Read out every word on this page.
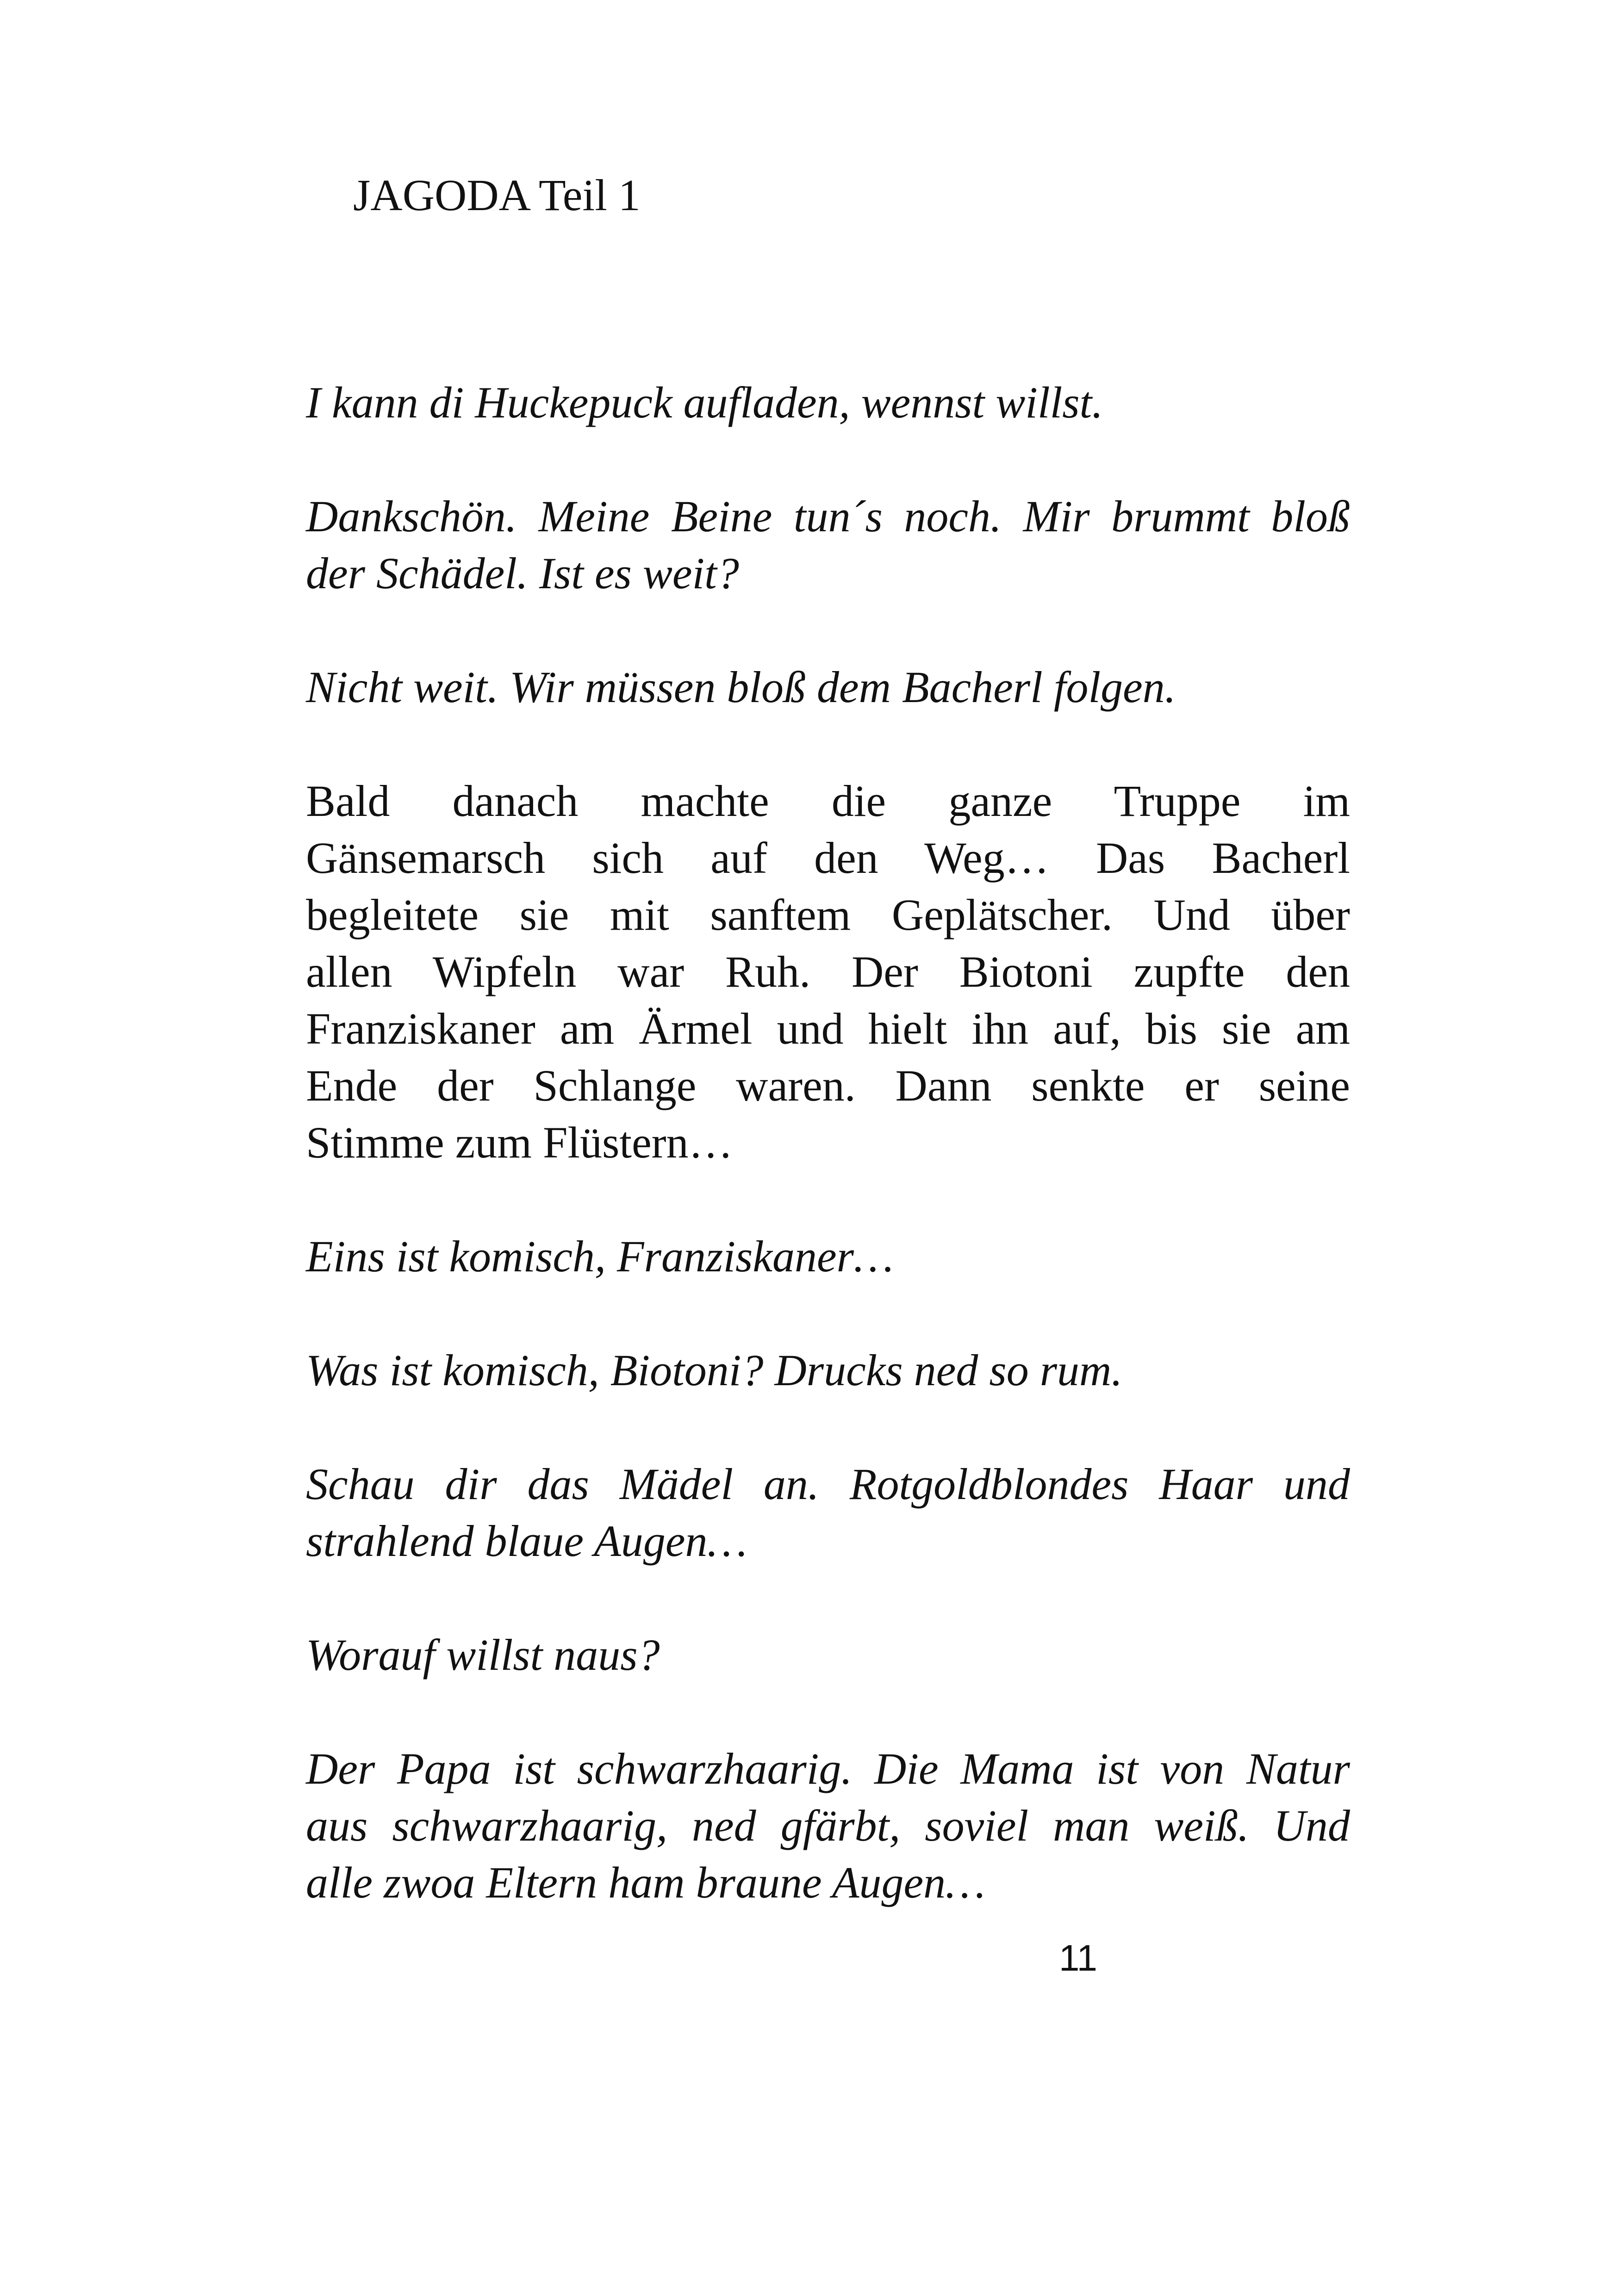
JAGODA Teil 1
I kann di Huckepuck aufladen, wennst willst.
Dankschön. Meine Beine tun´s noch. Mir brummt bloß
der Schädel. Ist es weit?
Nicht weit. Wir müssen bloß dem Bacherl folgen.
Bald danach machte die ganze Truppe im
Gänsemarsch sich auf den Weg… Das Bacherl
begleitete sie mit sanftem Geplätscher. Und über
allen Wipfeln war Ruh. Der Biotoni zupfte den
Franziskaner am Ärmel und hielt ihn auf, bis sie am
Ende der Schlange waren. Dann senkte er seine
Stimme zum Flüstern…
Eins ist komisch, Franziskaner…
Was ist komisch, Biotoni? Drucks ned so rum.
Schau dir das Mädel an. Rotgoldblondes Haar und
strahlend blaue Augen…
Worauf willst naus?
Der Papa ist schwarzhaarig. Die Mama ist von Natur
aus schwarzhaarig, ned gfärbt, soviel man weiß. Und
alle zwoa Eltern ham braune Augen…
11
